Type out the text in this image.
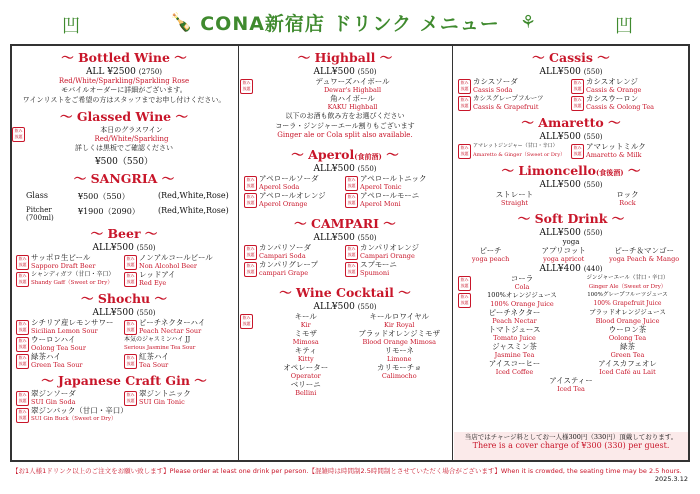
凹	🍾 CONA新宿店 ドリンク メニュー ⚘	凹
～ Bottled Wine ～
ALL ¥2500 (2750)
Red/White/Sparkling/Sparkling Rose
モバイルオーダーに詳細がございます。
ワインリストをご希望の方はスタッフまでお申し付けください。
～ Glassed Wine ～
飲み放題
本日のグラスワイン
Red/White/Sparkling
詳しくは黒板でご確認ください
¥500（550）
～ SANGRIA ～
Glass	¥500（550）	(Red,White,Rose)
Pitcher
(700ml)
¥1900（2090）	(Red,White,Rose)
～ Beer ～
ALL¥500 (550)
飲み放題
サッポロ生ビール
Sapporo Draft Beer
飲み放題
ノンアルコールビール
Non Alcohol Beer
飲み放題
シャンディガフ（甘口・辛口）
Shandy Gaff（Sweet or Dry）
飲み放題
レッドアイ
Red Eye
～ Shochu ～
ALL¥500 (550)
飲み放題
シチリア産レモンサワー
Sicilian Lemon Sour
飲み放題
ピーチネクターハイ
Peach Nectar Sour
飲み放題
ウーロンハイ
Oolong Tea Sour
本気のジャスミンハイ JJ
Serious Jasmine Tea Sour
飲み放題
緑茶ハイ
Green Tea Sour
飲み放題
紅茶ハイ
Tea Sour
～ Japanese Craft Gin ～
飲み放題
翠ジンソーダ
SUI Gin Soda
飲み放題
翠ジントニック
SUI Gin Tonic
飲み放題
翠ジンバック（甘口・辛口）
SUI Gin Buck（Sweet or Dry）
～ Highball ～
ALL¥500 (550)
飲み放題
デュワーズハイボール
Dewar's Highball
角ハイボール
KAKU Highball
以下のお酒も飲み方をお選びください
コーラ・ジンジャーエール割りもございます
Ginger ale or Cola split also available.
～ Aperol(食前酒) ～
ALL¥500 (550)
飲み放題
アペロールソーダ
Aperol Soda
飲み放題
アペロールトニック
Aperol Tonic
飲み放題
アペロールオレンジ
Aperol Orange
飲み放題
アペロールモーニ
Aperol Moni
～ CAMPARI ～
ALL¥500 (550)
飲み放題
カンパリソーダ
Campari Soda
飲み放題
カンパリオレンジ
Campari Orange
飲み放題
カンパリグレープ
campari Grape
飲み放題
スプモーニ
Spumoni
～ Wine Cocktail ～
ALL¥500 (550)
飲み放題
キール
Kir
キールロワイヤル
Kir Royal
ミモザ
Mimosa
ブラッドオレンジミモザ
Blood Orange Mimosa
キティ
Kitty
リモーネ
Limone
オペレーター
Operator
カリモーチョ
Calimocho
ベリーニ
Bellini
～ Cassis ～
ALL¥500 (550)
飲み放題
カシスソーダ
Cassis Soda
飲み放題
カシスオレンジ
Cassis & Orange
飲み放題
カシスグレープフルーツ
Cassis & Grapefruit
飲み放題
カシスウーロン
Cassis & Oolong Tea
～ Amaretto ～
ALL¥500 (550)
飲み放題
アマレットジンジャー（甘口・辛口）
Amaretto & Ginger（Sweet or Dry）
飲み放題
アマレットミルク
Amaretto & Milk
～ Limoncello(食後酒) ～
ALL¥500 (550)
ストレート
Straight
ロック
Rock
～ Soft Drink ～
ALL¥500 (550)
yoga
ピーチ
yoga peach
アプリコット
yoga apricot
ピーチ＆マンゴー
yoga Peach & Mango
ALL¥400 (440)
飲み放題
コーラ
Cola
ジンジャーエール（甘口・辛口）
Ginger Ale（Sweet or Dry）
飲み放題
100%オレンジジュース
100% Orange Juice
100%グレープフルーツジュース
100% Grapefruit Juice
ピーチネクター
Peach Nectar
ブラッドオレンジジュース
Blood Orange Juice
トマトジュース
Tomato Juice
ウーロン茶
Oolong Tea
ジャスミン茶
Jasmine Tea
緑茶
Green Tea
アイスコーヒー
Iced Coffee
アイスカフェオレ
Iced Café au Lait
アイスティー
Iced Tea
当店ではチャージ料としてお一人様300円（330円）頂戴しております。
There is a cover charge of ¥300 (330) per guest.
【お1人様1ドリンク以上のご注文をお願い致します】Please order at least one drink per person.【混雑時は時間制2.5時間制とさせていただく場合がございます】When it is crowded, the seating time may be 2.5 hours.
2025.3.12
